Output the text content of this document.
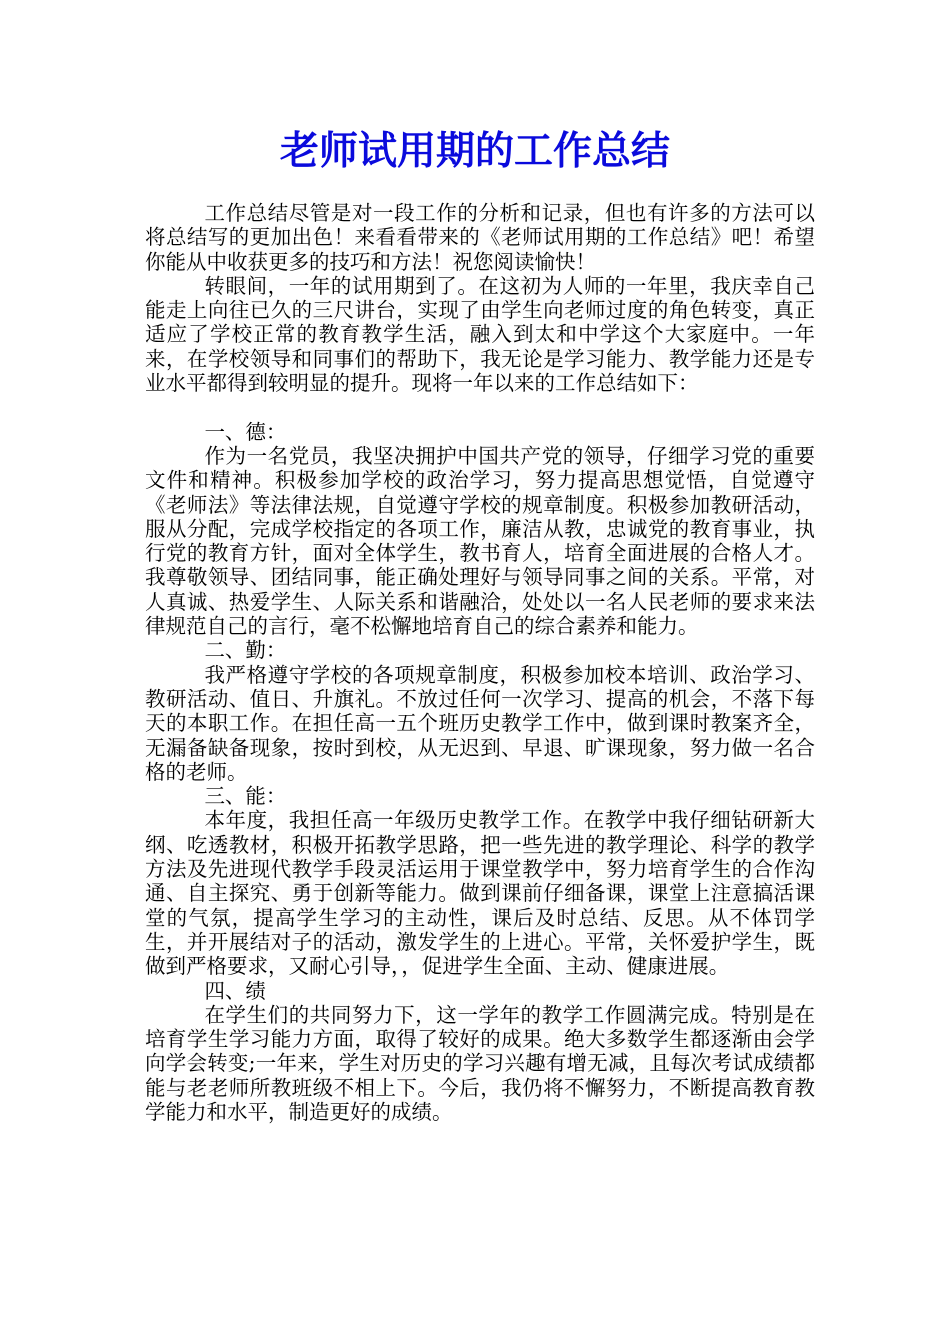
老师试用期的工作总结

工作总结尽管是对一段工作的分析和记录，但也有许多的方法可以将总结写的更加出色！来看看带来的《老师试用期的工作总结》吧！希望你能从中收获更多的技巧和方法！祝您阅读愉快！

转眼间，一年的试用期到了。在这初为人师的一年里，我庆幸自己能走上向往已久的三尺讲台，实现了由学生向老师过度的角色转变，真正适应了学校正常的教育教学生活，融入到太和中学这个大家庭中。一年来，在学校领导和同事们的帮助下，我无论是学习能力、教学能力还是专业水平都得到较明显的提升。现将一年以来的工作总结如下：

一、德：

作为一名党员，我坚决拥护中国共产党的领导，仔细学习党的重要文件和精神。积极参加学校的政治学习，努力提高思想觉悟，自觉遵守《老师法》等法律法规，自觉遵守学校的规章制度。积极参加教研活动，服从分配，完成学校指定的各项工作，廉洁从教，忠诚党的教育事业，执行党的教育方针，面对全体学生，教书育人，培育全面进展的合格人才。我尊敬领导、团结同事，能正确处理好与领导同事之间的关系。平常，对人真诚、热爱学生、人际关系和谐融洽，处处以一名人民老师的要求来法律规范自己的言行，毫不松懈地培育自己的综合素养和能力。

二、勤：

我严格遵守学校的各项规章制度，积极参加校本培训、政治学习、教研活动、值日、升旗礼。不放过任何一次学习、提高的机会，不落下每天的本职工作。在担任高一五个班历史教学工作中，做到课时教案齐全，无漏备缺备现象，按时到校，从无迟到、早退、旷课现象，努力做一名合格的老师。

三、能：

本年度，我担任高一年级历史教学工作。在教学中我仔细钻研新大纲、吃透教材，积极开拓教学思路，把一些先进的教学理论、科学的教学方法及先进现代教学手段灵活运用于课堂教学中，努力培育学生的合作沟通、自主探究、勇于创新等能力。做到课前仔细备课，课堂上注意搞活课堂的气氛，提高学生学习的主动性，课后及时总结、反思。从不体罚学生，并开展结对子的活动，激发学生的上进心。平常，关怀爱护学生，既做到严格要求，又耐心引导，，促进学生全面、主动、健康进展。

四、绩

在学生们的共同努力下，这一学年的教学工作圆满完成。特别是在培育学生学习能力方面，取得了较好的成果。绝大多数学生都逐渐由会学向学会转变;一年来，学生对历史的学习兴趣有增无减，且每次考试成绩都能与老老师所教班级不相上下。今后，我仍将不懈努力，不断提高教育教学能力和水平，制造更好的成绩。
